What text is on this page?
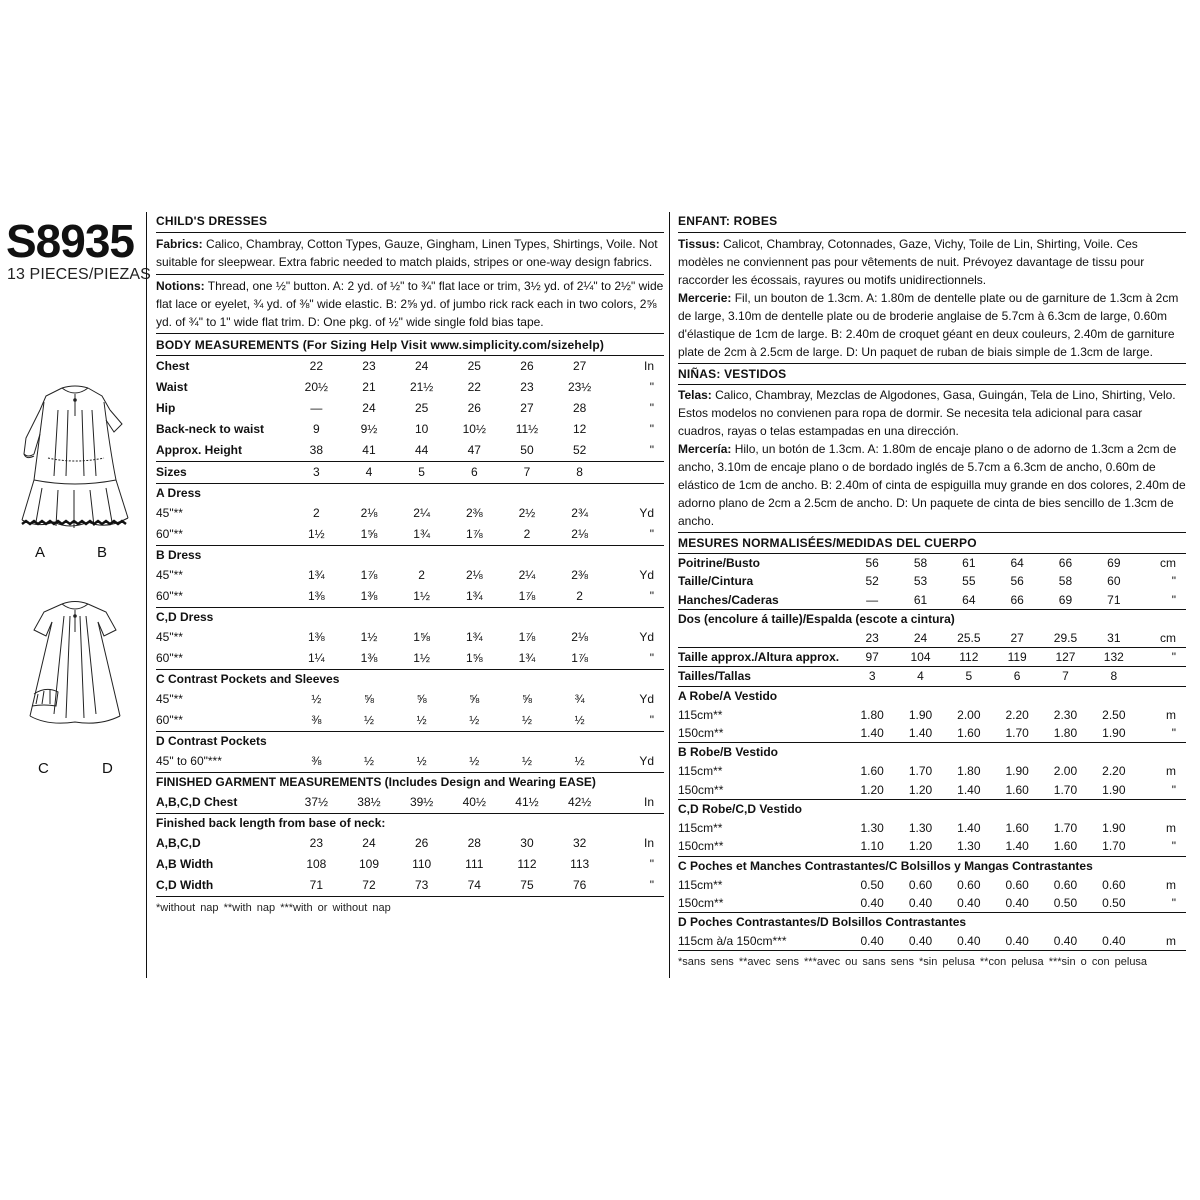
S8935
13 PIECES/PIEZAS
A	B
C	D
CHILD'S DRESSES

Fabrics: Calico, Chambray, Cotton Types, Gauze, Gingham, Linen Types, Shirtings, Voile. Not suitable for sleepwear. Extra fabric needed to match plaids, stripes or one-way design fabrics.

Notions: Thread, one ½" button. A: 2 yd. of ½" to ¾" flat lace or trim, 3½ yd. of 2¼" to 2½" wide flat lace or eyelet, ¾ yd. of ⅜" wide elastic. B: 2⅝ yd. of jumbo rick rack each in two colors, 2⅝ yd. of ¾" to 1" wide flat trim. D: One pkg. of ½" wide single fold bias tape.

BODY MEASUREMENTS (For Sizing Help Visit www.simplicity.com/sizehelp)
Chest	22	23	24	25	26	27	In
Waist	20½	21	21½	22	23	23½	"
Hip	—	24	25	26	27	28	"
Back-neck to waist	9	9½	10	10½	11½	12	"
Approx. Height	38	41	44	47	50	52	"
Sizes	3	4	5	6	7	8	
A Dress							
45"**	2	2⅛	2¼	2⅜	2½	2¾	Yd
60"**	1½	1⅝	1¾	1⅞	2	2⅛	"
B Dress							
45"**	1¾	1⅞	2	2⅛	2¼	2⅜	Yd
60"**	1⅜	1⅜	1½	1¾	1⅞	2	"
C,D Dress							
45"**	1⅜	1½	1⅝	1¾	1⅞	2⅛	Yd
60"**	1¼	1⅜	1½	1⅝	1¾	1⅞	"
C Contrast Pockets and Sleeves							
45"**	½	⅝	⅝	⅝	⅝	¾	Yd
60"**	⅜	½	½	½	½	½	"
D Contrast Pockets							
45" to 60"***	⅜	½	½	½	½	½	Yd
FINISHED GARMENT MEASUREMENTS (Includes Design and Wearing EASE)							
A,B,C,D Chest	37½	38½	39½	40½	41½	42½	In
Finished back length from base of neck:							
A,B,C,D	23	24	26	28	30	32	In
A,B Width	108	109	110	111	112	113	"
C,D Width	71	72	73	74	75	76	"
*without nap **with nap ***with or without nap
ENFANT: ROBES

Tissus: Calicot, Chambray, Cotonnades, Gaze, Vichy, Toile de Lin, Shirting, Voile. Ces modèles ne conviennent pas pour vêtements de nuit. Prévoyez davantage de tissu pour raccorder les écossais, rayures ou motifs unidirectionnels.

Mercerie: Fil, un bouton de 1.3cm. A: 1.80m de dentelle plate ou de garniture de 1.3cm à 2cm de large, 3.10m de dentelle plate ou de broderie anglaise de 5.7cm à 6.3cm de large, 0.60m d'élastique de 1cm de large. B: 2.40m de croquet géant en deux couleurs, 2.40m de garniture plate de 2cm à 2.5cm de large. D: Un paquet de ruban de biais simple de 1.3cm de large.

NIÑAS: VESTIDOS

Telas: Calico, Chambray, Mezclas de Algodones, Gasa, Guingán, Tela de Lino, Shirting, Velo. Estos modelos no convienen para ropa de dormir. Se necesita tela adicional para casar cuadros, rayas o telas estampadas en una dirección.

Mercería: Hilo, un botón de 1.3cm. A: 1.80m de encaje plano o de adorno de 1.3cm a 2cm de ancho, 3.10m de encaje plano o de bordado inglés de 5.7cm a 6.3cm de ancho, 0.60m de elástico de 1cm de ancho. B: 2.40m of cinta de espiguilla muy grande en dos colores, 2.40m de adorno plano de 2cm a 2.5cm de ancho. D: Un paquete de cinta de bies sencillo de 1.3cm de ancho.

MESURES NORMALISÉES/MEDIDAS DEL CUERPO
Poitrine/Busto	56	58	61	64	66	69	cm
Taille/Cintura	52	53	55	56	58	60	"
Hanches/Caderas	—	61	64	66	69	71	"
Dos (encolure á taille)/Espalda (escote a cintura)							
	23	24	25.5	27	29.5	31	cm
Taille approx./Altura approx.	97	104	112	119	127	132	"
Tailles/Tallas	3	4	5	6	7	8	
A Robe/A Vestido							
115cm**	1.80	1.90	2.00	2.20	2.30	2.50	m
150cm**	1.40	1.40	1.60	1.70	1.80	1.90	"
B Robe/B Vestido							
115cm**	1.60	1.70	1.80	1.90	2.00	2.20	m
150cm**	1.20	1.20	1.40	1.60	1.70	1.90	"
C,D Robe/C,D Vestido							
115cm**	1.30	1.30	1.40	1.60	1.70	1.90	m
150cm**	1.10	1.20	1.30	1.40	1.60	1.70	"
C Poches et Manches Contrastantes/C Bolsillos y Mangas Contrastantes							
115cm**	0.50	0.60	0.60	0.60	0.60	0.60	m
150cm**	0.40	0.40	0.40	0.40	0.50	0.50	"
D Poches Contrastantes/D Bolsillos Contrastantes							
115cm à/a 150cm***	0.40	0.40	0.40	0.40	0.40	0.40	m
*sans sens **avec sens ***avec ou sans sens *sin pelusa **con pelusa ***sin o con pelusa
